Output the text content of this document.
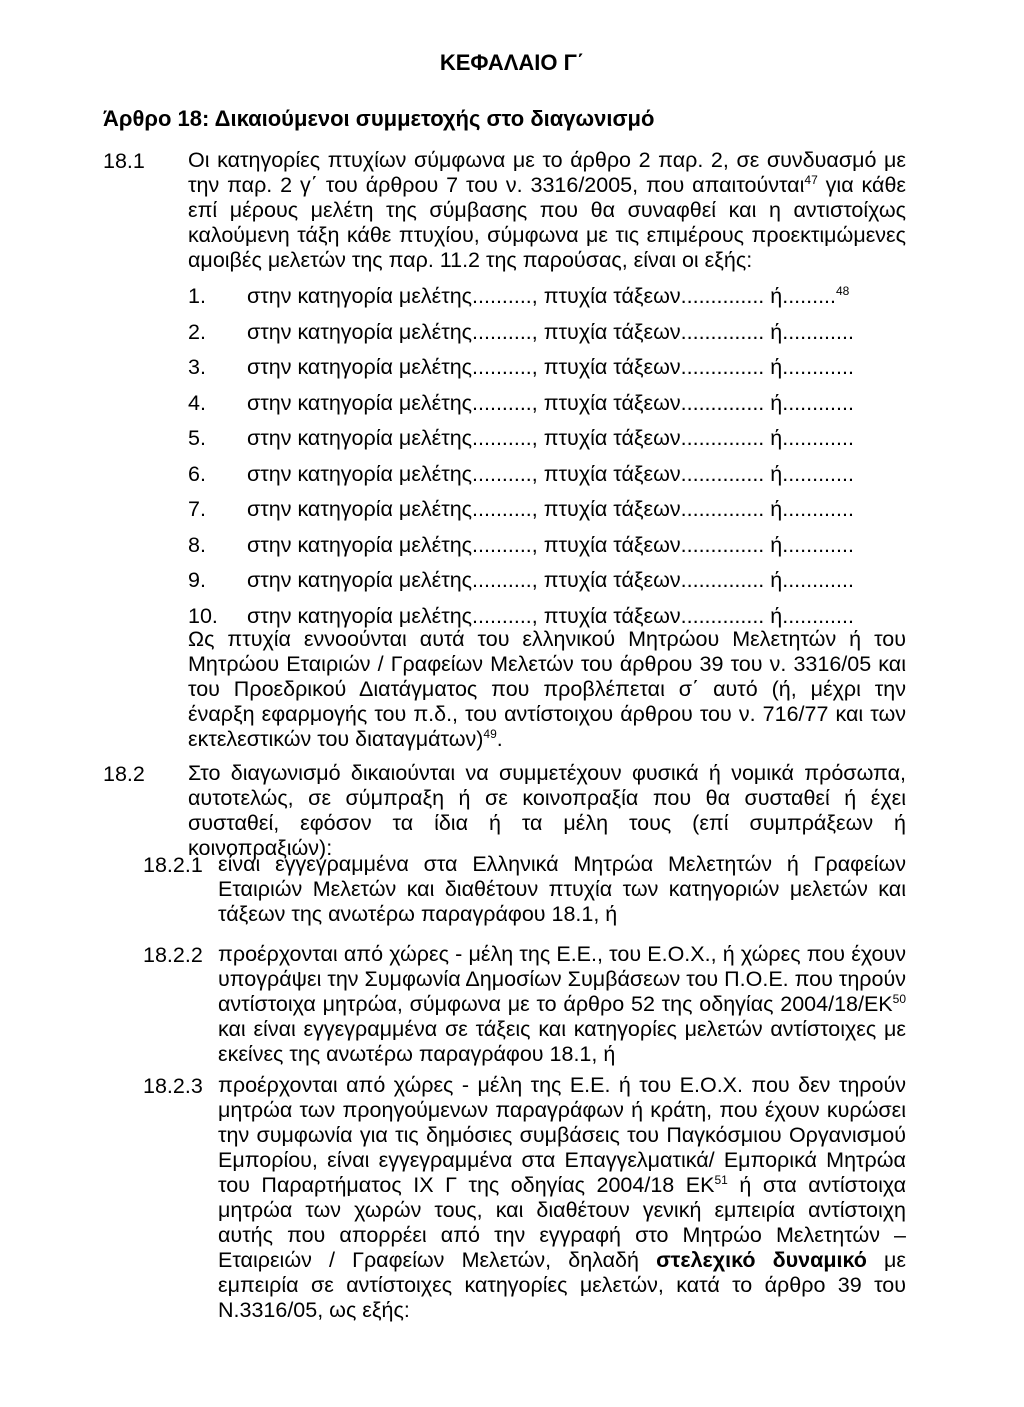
ΚΕΦΑΛΑΙΟ Γ΄
Άρθρο 18: Δικαιούμενοι συμμετοχής στο διαγωνισμό
18.1 Οι κατηγορίες πτυχίων σύμφωνα με το άρθρο 2 παρ. 2, σε συνδυασμό με την παρ. 2 γ΄ του άρθρου 7 του ν. 3316/2005, που απαιτούνται$^{47}$ για κάθε επί μέρους μελέτη της σύμβασης που θα συναφθεί και η αντιστοίχως καλούμενη τάξη κάθε πτυχίου, σύμφωνα με τις επιμέρους προεκτιμώμενες αμοιβές μελετών της παρ. 11.2 της παρούσας, είναι οι εξής:
1. στην κατηγορία μελέτης.........., πτυχία τάξεων.............. ή.........$^{48}$
2. στην κατηγορία μελέτης.........., πτυχία τάξεων.............. ή............
3. στην κατηγορία μελέτης.........., πτυχία τάξεων.............. ή............
4. στην κατηγορία μελέτης.........., πτυχία τάξεων.............. ή............
5. στην κατηγορία μελέτης.........., πτυχία τάξεων.............. ή............
6. στην κατηγορία μελέτης.........., πτυχία τάξεων.............. ή............
7. στην κατηγορία μελέτης.........., πτυχία τάξεων.............. ή............
8. στην κατηγορία μελέτης.........., πτυχία τάξεων.............. ή............
9. στην κατηγορία μελέτης.........., πτυχία τάξεων.............. ή............
10. στην κατηγορία μελέτης.........., πτυχία τάξεων.............. ή............
Ως πτυχία εννοούνται αυτά του ελληνικού Μητρώου Μελετητών ή του Μητρώου Εταιριών / Γραφείων Μελετών του άρθρου 39 του ν. 3316/05 και του Προεδρικού Διατάγματος που προβλέπεται σ΄ αυτό (ή, μέχρι την έναρξη εφαρμογής του π.δ., του αντίστοιχου άρθρου του ν. 716/77 και των εκτελεστικών του διαταγμάτων)$^{49}$.
18.2 Στο διαγωνισμό δικαιούνται να συμμετέχουν φυσικά ή νομικά πρόσωπα, αυτοτελώς, σε σύμπραξη ή σε κοινοπραξία που θα συσταθεί ή έχει συσταθεί, εφόσον τα ίδια ή τα μέλη τους (επί συμπράξεων ή κοινοπραξιών):
18.2.1 είναι εγγεγραμμένα στα Ελληνικά Μητρώα Μελετητών ή Γραφείων Εταιριών Μελετών και διαθέτουν πτυχία των κατηγοριών μελετών και τάξεων της ανωτέρω παραγράφου 18.1, ή
18.2.2 προέρχονται από χώρες - μέλη της Ε.Ε., του Ε.Ο.Χ., ή χώρες που έχουν υπογράψει την Συμφωνία Δημοσίων Συμβάσεων του Π.Ο.Ε. που τηρούν αντίστοιχα μητρώα, σύμφωνα με το άρθρο 52 της οδηγίας 2004/18/ΕΚ$^{50}$ και είναι εγγεγραμμένα σε τάξεις και κατηγορίες μελετών αντίστοιχες με εκείνες της ανωτέρω παραγράφου 18.1, ή
18.2.3 προέρχονται από χώρες - μέλη της Ε.Ε. ή του Ε.Ο.Χ. που δεν τηρούν μητρώα των προηγούμενων παραγράφων ή κράτη, που έχουν κυρώσει την συμφωνία για τις δημόσιες συμβάσεις του Παγκόσμιου Οργανισμού Εμπορίου, είναι εγγεγραμμένα στα Επαγγελματικά/ Εμπορικά Μητρώα του Παραρτήματος ΙΧ Γ της οδηγίας 2004/18 ΕΚ$^{51}$ ή στα αντίστοιχα μητρώα των χωρών τους, και διαθέτουν γενική εμπειρία αντίστοιχη αυτής που απορρέει από την εγγραφή στο Μητρώο Μελετητών – Εταιρειών / Γραφείων Μελετών, δηλαδή στελεχικό δυναμικό με εμπειρία σε αντίστοιχες κατηγορίες μελετών, κατά το άρθρο 39 του Ν.3316/05, ως εξής:
